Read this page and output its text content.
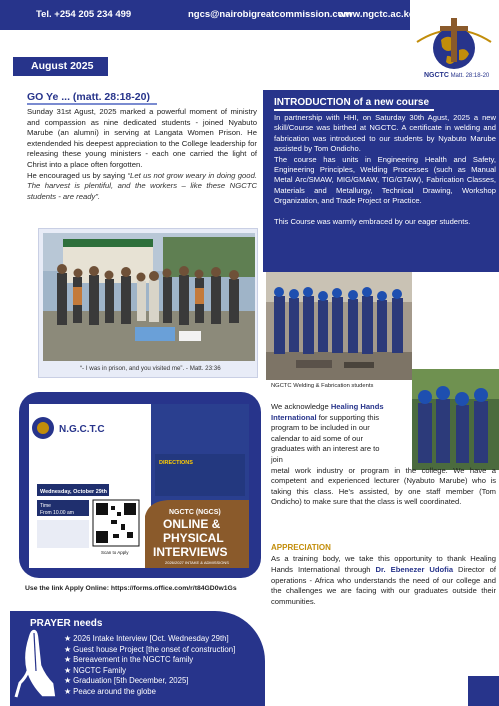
Tel. +254 205 234 499	ngcs@nairobigreatcommission.com
www.ngctc.ac.ke
NGCTC Matt. 28:18-20
August 2025
GO Ye ... (matt. 28:18-20)

Sunday 31st Agust, 2025 marked a powerful moment of ministry and compassion as nine dedicated students - joined Nyabuto Marube (an alumni) in serving at Langata Women Prison. He extendended his deepest appreciation to the College leadership for releasing these young ministers - each one carried the light of Christ into a place often forgotten.

He encouraged us by saying “Let us not grow weary in doing good. The harvest is plentiful, and the workers – like these NGCTC students - are ready”.

“- I was in prison, and you visited me”. - Matt. 23:36
N.G.C.T.C
Wednesday, October 29th
Time
From 10.00 am
Scan to Apply
DIRECTIONS
NGCTC (NGCS)
ONLINE &
PHYSICAL
INTERVIEWS
2026/2027 INTAKE & ADMISSIONS
Use the link Apply Online: https://forms.office.com/r/t84GD0w1Gs
PRAYER needs
★ 2026 Intake Interview [Oct. Wednesday 29th]
★ Guest house Project [the onset of construction]
★ Bereavement in the NGCTC family
★ NGCTC Family
★ Graduation [5th December, 2025]
★ Peace around the globe
INTRODUCTION of a new course

In partnership with HHI, on Saturday 30th Agust, 2025 a new skill/Course was birthed at NGCTC. A certificate in welding and fabrication was introduced to our students by Nyabuto Marube assisted by Tom Ondicho.

The course has units in Engineering Health and Safety, Engineering Principles, Welding Processes (such as Manual Metal Arc/SMAW, MIG/GMAW, TIG/GTAW), Fabrication Classes, Materials and Metallurgy, Technical Drawing, Workshop Organization, and Trade Project or Practice.

This Course was warmly embraced by our eager students.

NGCTC Welding & Fabrication students
We acknowledge Healing Hands International for supporting this program to be included in our calendar to aid some of our graduates with an interest are to join
metal work industry or program in the college. We have a competent and experienced lecturer (Nyabuto Marube) who is taking this class. He's assisted, by one staff member (Tom Ondicho) to make sure that the class is well coordinated.
APPRECIATION
As a training body, we take this opportunity to thank Healing Hands International through Dr. Ebenezer Udofia Director of operations - Africa who understands the need of our college and the challenges we are facing with our graduates outside their communities.
